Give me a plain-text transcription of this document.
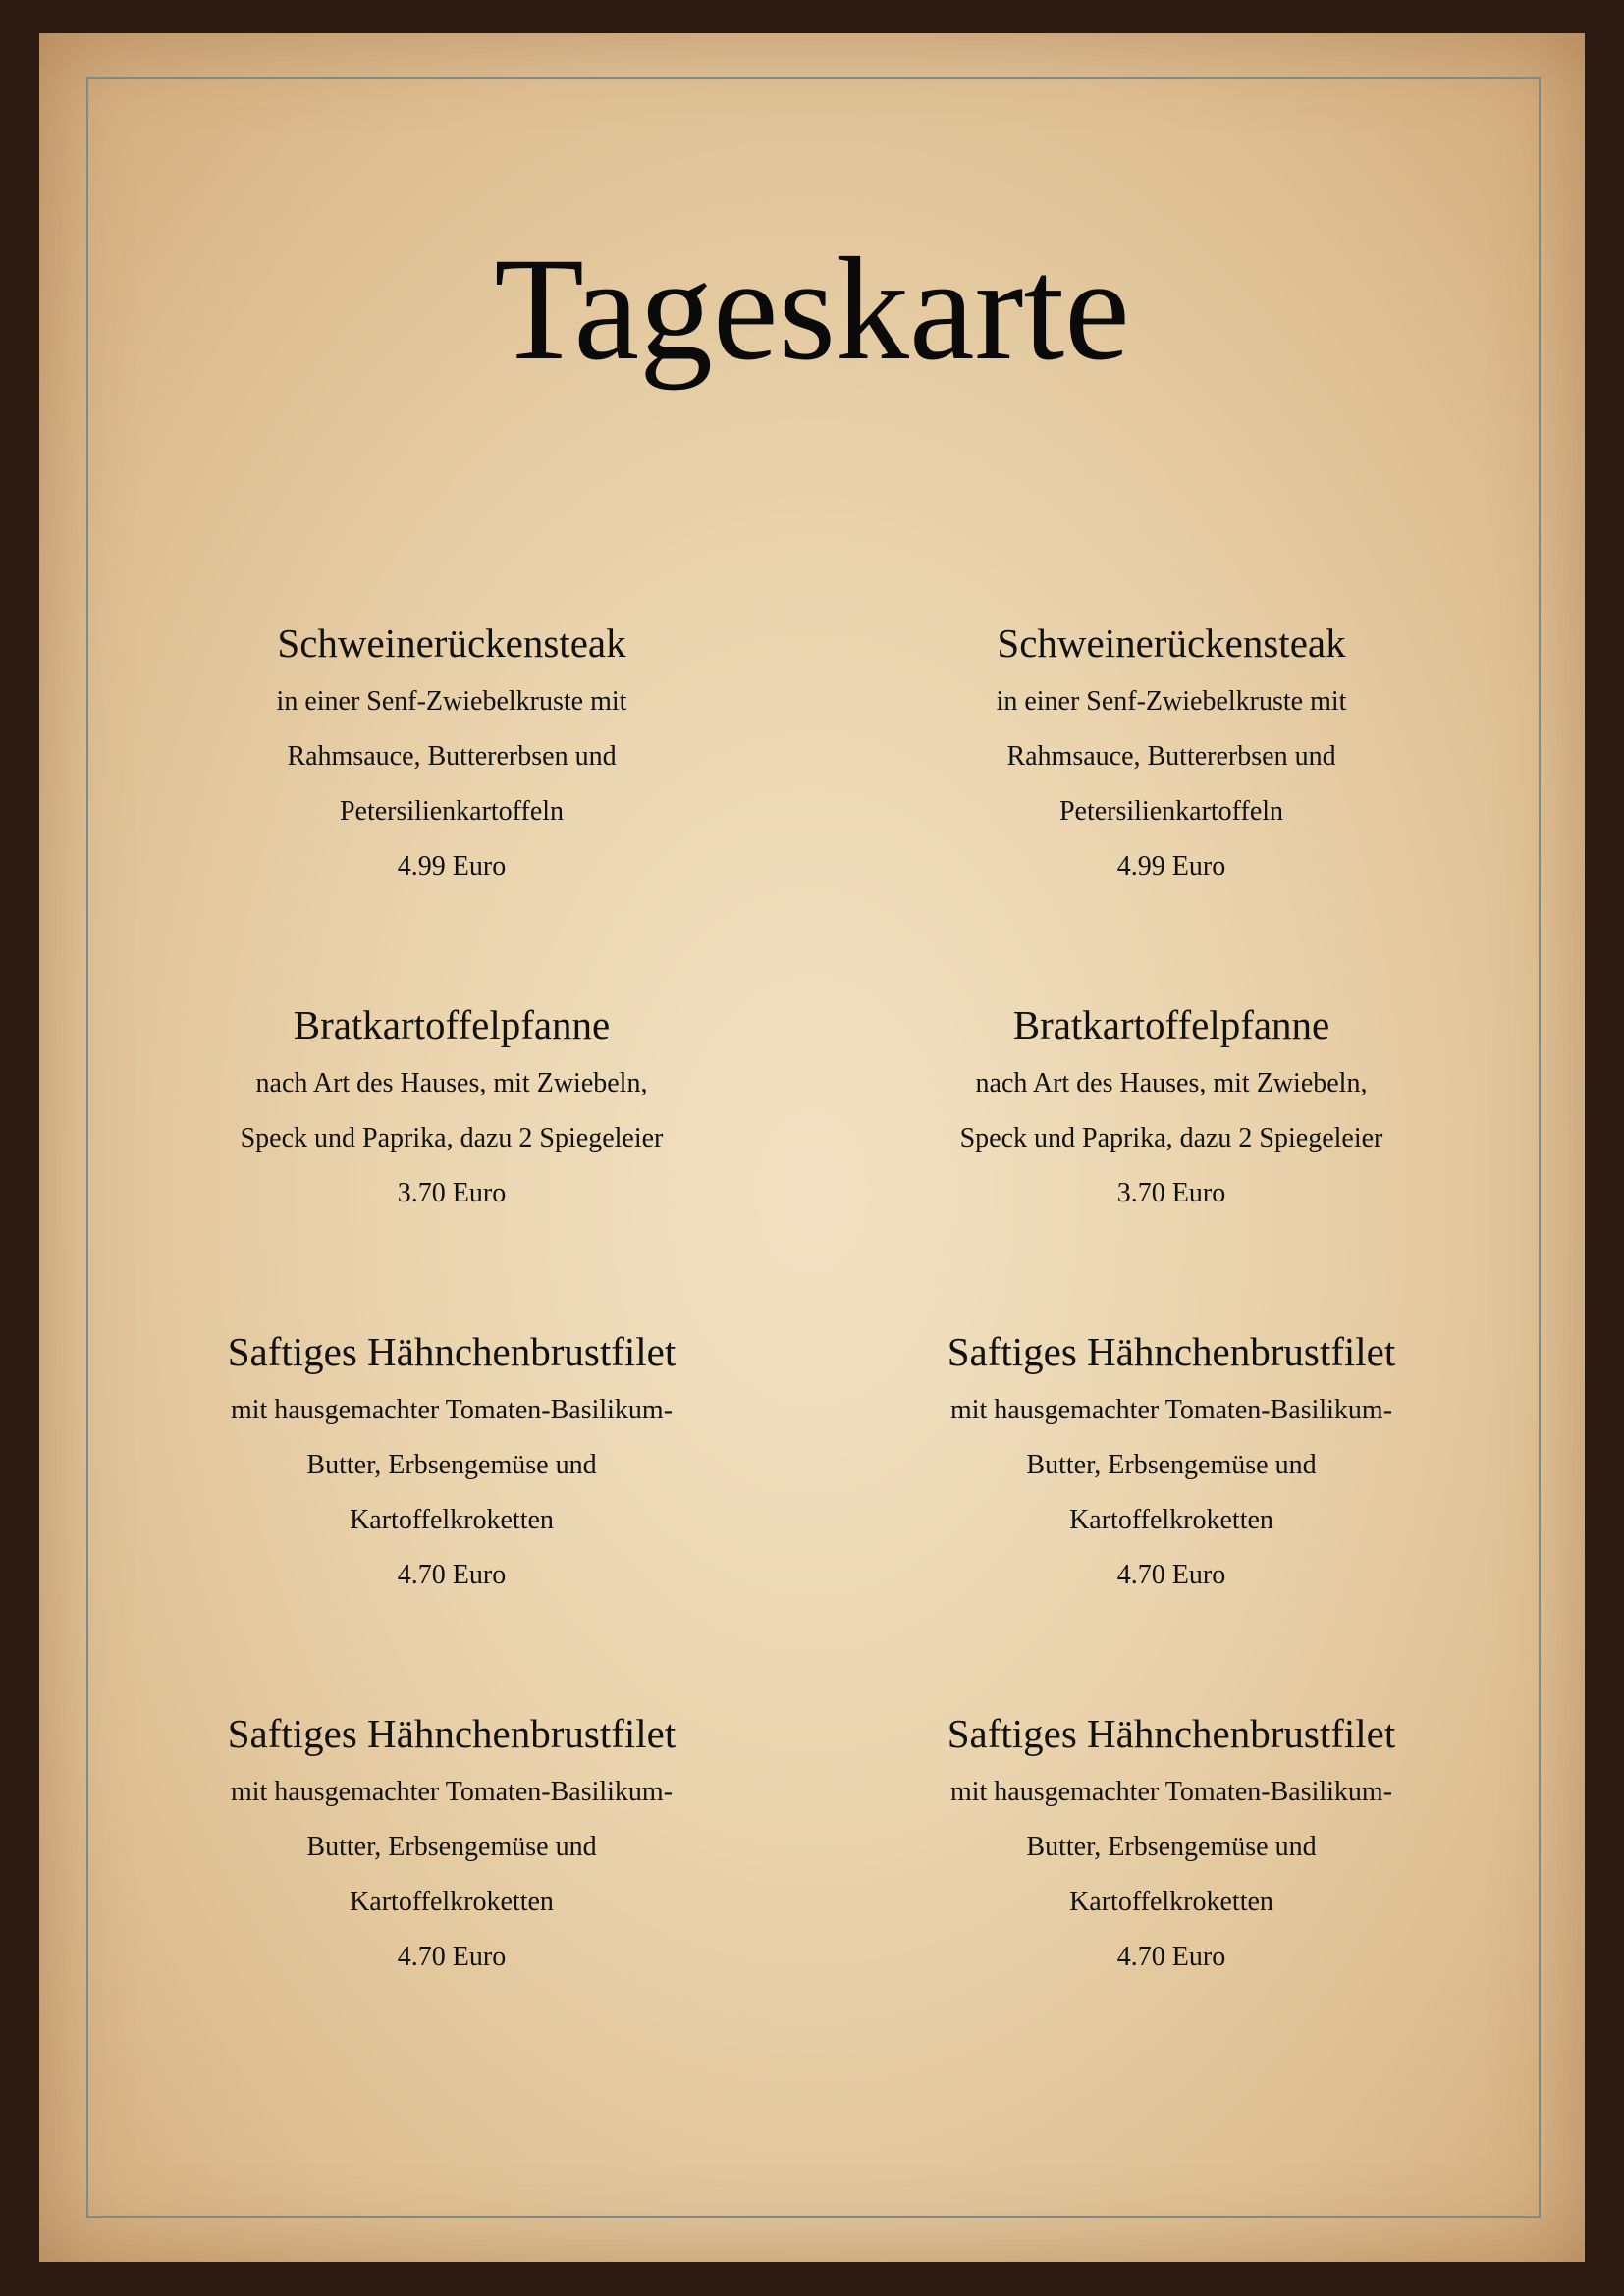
Tageskarte
Schweinerückensteak
in einer Senf-Zwiebelkruste mit
Rahmsauce, Buttererbsen und
Petersilienkartoffeln
4.99 Euro
Schweinerückensteak
in einer Senf-Zwiebelkruste mit
Rahmsauce, Buttererbsen und
Petersilienkartoffeln
4.99 Euro
Bratkartoffelpfanne
nach Art des Hauses, mit Zwiebeln,
Speck und Paprika, dazu 2 Spiegeleier
3.70 Euro
Bratkartoffelpfanne
nach Art des Hauses, mit Zwiebeln,
Speck und Paprika, dazu 2 Spiegeleier
3.70 Euro
Saftiges Hähnchenbrustfilet
mit hausgemachter Tomaten-Basilikum-
Butter, Erbsengemüse und
Kartoffelkroketten
4.70 Euro
Saftiges Hähnchenbrustfilet
mit hausgemachter Tomaten-Basilikum-
Butter, Erbsengemüse und
Kartoffelkroketten
4.70 Euro
Saftiges Hähnchenbrustfilet
mit hausgemachter Tomaten-Basilikum-
Butter, Erbsengemüse und
Kartoffelkroketten
4.70 Euro
Saftiges Hähnchenbrustfilet
mit hausgemachter Tomaten-Basilikum-
Butter, Erbsengemüse und
Kartoffelkroketten
4.70 Euro
http
